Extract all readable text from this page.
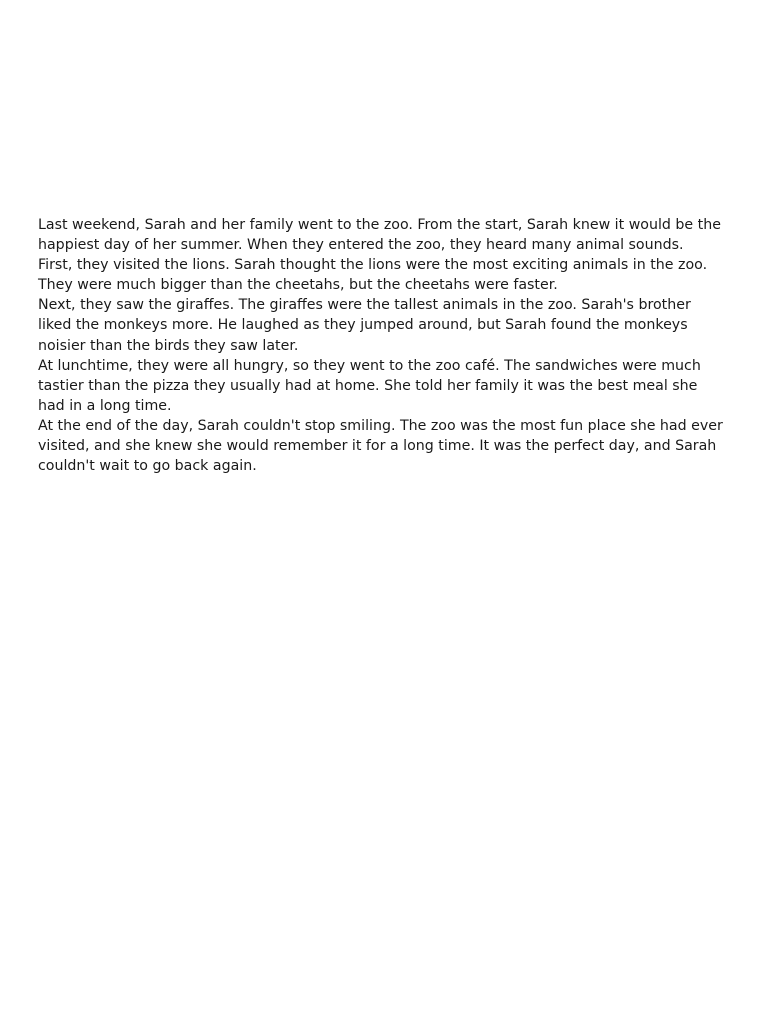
Last weekend, Sarah and her family went to the zoo. From the start, Sarah knew it would be the happiest day of her summer. When they entered the zoo, they heard many animal sounds.

First, they visited the lions. Sarah thought the lions were the most exciting animals in the zoo. They were much bigger than the cheetahs, but the cheetahs were faster.

Next, they saw the giraffes. The giraffes were the tallest animals in the zoo. Sarah's brother liked the monkeys more. He laughed as they jumped around, but Sarah found the monkeys noisier than the birds they saw later.

At lunchtime, they were all hungry, so they went to the zoo café. The sandwiches were much tastier than the pizza they usually had at home. She told her family it was the best meal she had in a long time.

At the end of the day, Sarah couldn't stop smiling. The zoo was the most fun place she had ever visited, and she knew she would remember it for a long time. It was the perfect day, and Sarah couldn't wait to go back again.
